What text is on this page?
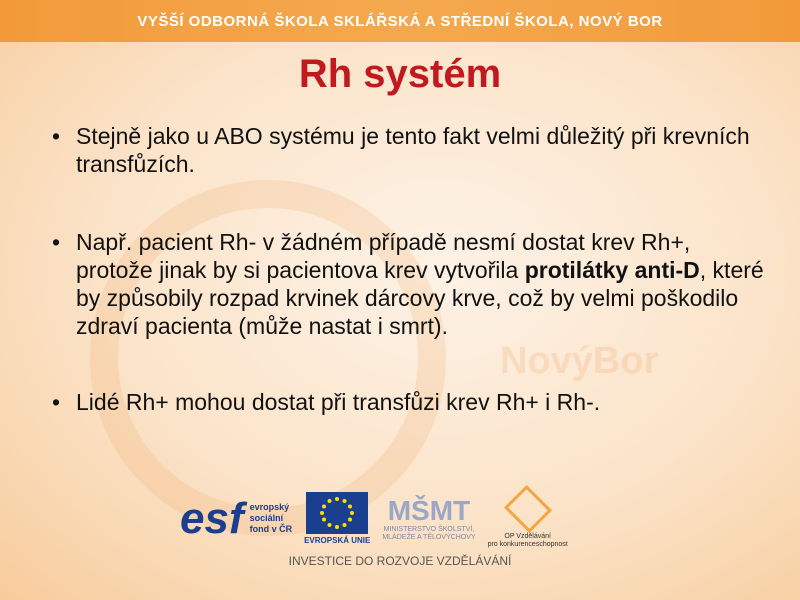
VYŠŠÍ ODBORNÁ ŠKOLA SKLÁŘSKÁ A STŘEDNÍ ŠKOLA, NOVÝ BOR
NovýBor
Rh systém
• Stejně jako u ABO systému je tento fakt velmi důležitý při krevních transfůzích.
• Např. pacient Rh- v žádném případě nesmí dostat krev Rh+, protože jinak by si pacientova krev vytvořila protilátky anti-D, které by způsobily rozpad krvinek dárcovy krve, což by velmi poškodilo zdraví pacienta (může nastat i smrt).
• Lidé Rh+ mohou dostat při transfůzi krev Rh+ i Rh-.
esf evropský
sociální
fond v ČR
EVROPSKÁ UNIE
MŠMT
MINISTERSTVO ŠKOLSTVÍ,
MLÁDEŽE A TĚLOVÝCHOVY	OP Vzdělávání
pro konkurenceschopnost
INVESTICE DO ROZVOJE VZDĚLÁVÁNÍ
